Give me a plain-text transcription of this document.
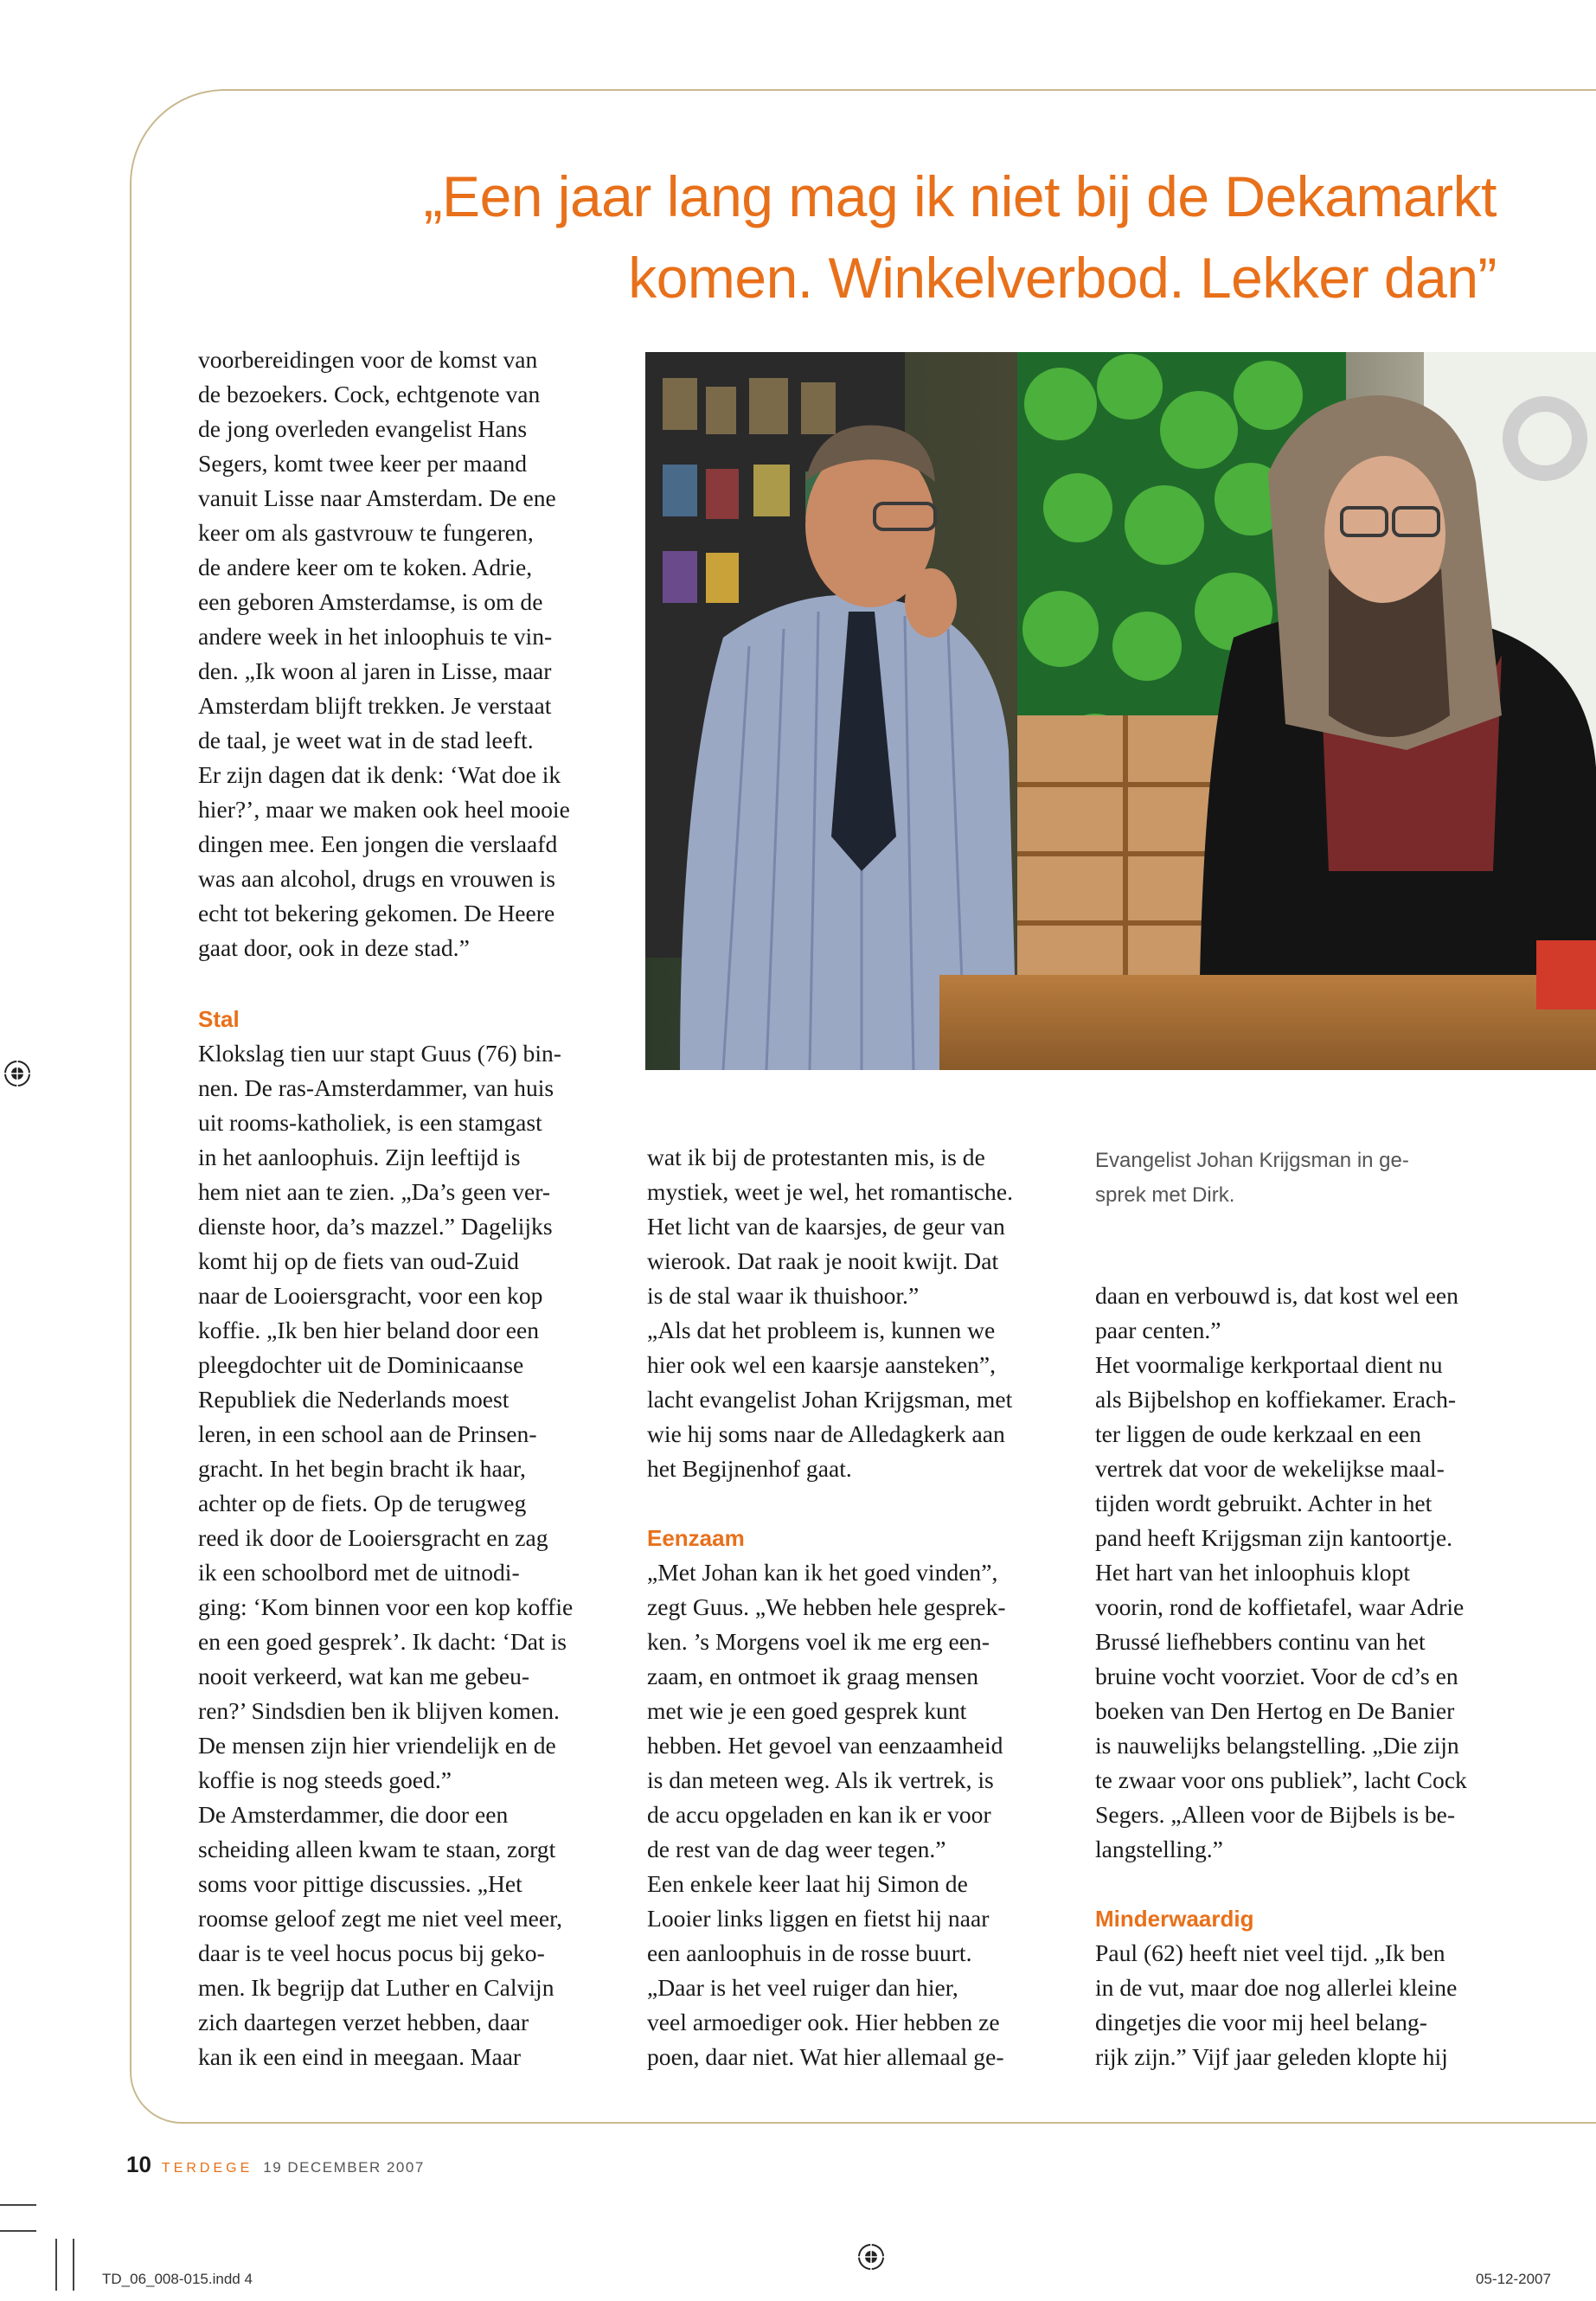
„Een jaar lang mag ik niet bij de Dekamarkt
komen. Winkelverbod. Lekker dan”

voorbereidingen voor de komst van

de bezoekers. Cock, echtgenote van

de jong overleden evangelist Hans

Segers, komt twee keer per maand

vanuit Lisse naar Amsterdam. De ene

keer om als gastvrouw te fungeren,

de andere keer om te koken. Adrie,

een geboren Amsterdamse, is om de

andere week in het inloophuis te vin-

den. „Ik woon al jaren in Lisse, maar

Amsterdam blijft trekken. Je verstaat

de taal, je weet wat in de stad leeft.

Er zijn dagen dat ik denk: ‘Wat doe ik

hier?’, maar we maken ook heel mooie

dingen mee. Een jongen die verslaafd

was aan alcohol, drugs en vrouwen is

echt tot bekering gekomen. De Heere

gaat door, ook in deze stad.”

Stal

Klokslag tien uur stapt Guus (76) bin-

nen. De ras-Amsterdammer, van huis

uit rooms-katholiek, is een stamgast

in het aanloophuis. Zijn leeftijd is

hem niet aan te zien. „Da’s geen ver-

dienste hoor, da’s mazzel.” Dagelijks

komt hij op de fiets van oud-Zuid

naar de Looiersgracht, voor een kop

koffie. „Ik ben hier beland door een

pleegdochter uit de Dominicaanse

Republiek die Nederlands moest

leren, in een school aan de Prinsen-

gracht. In het begin bracht ik haar,

achter op de fiets. Op de terugweg

reed ik door de Looiersgracht en zag

ik een schoolbord met de uitnodi-

ging: ‘Kom binnen voor een kop koffie

en een goed gesprek’. Ik dacht: ‘Dat is

nooit verkeerd, wat kan me gebeu-

ren?’ Sindsdien ben ik blijven komen.

De mensen zijn hier vriendelijk en de

koffie is nog steeds goed.”

De Amsterdammer, die door een

scheiding alleen kwam te staan, zorgt

soms voor pittige discussies. „Het

roomse geloof zegt me niet veel meer,

daar is te veel hocus pocus bij geko-

men. Ik begrijp dat Luther en Calvijn

zich daartegen verzet hebben, daar

kan ik een eind in meegaan. Maar

wat ik bij de protestanten mis, is de

mystiek, weet je wel, het romantische.

Het licht van de kaarsjes, de geur van

wierook. Dat raak je nooit kwijt. Dat

is de stal waar ik thuishoor.”

„Als dat het probleem is, kunnen we

hier ook wel een kaarsje aansteken”,

lacht evangelist Johan Krijgsman, met

wie hij soms naar de Alledagkerk aan

het Begijnenhof gaat.

Eenzaam

„Met Johan kan ik het goed vinden”,

zegt Guus. „We hebben hele gesprek-

ken. ’s Morgens voel ik me erg een-

zaam, en ontmoet ik graag mensen

met wie je een goed gesprek kunt

hebben. Het gevoel van eenzaamheid

is dan meteen weg. Als ik vertrek, is

de accu opgeladen en kan ik er voor

de rest van de dag weer tegen.”

Een enkele keer laat hij Simon de

Looier links liggen en fietst hij naar

een aanloophuis in de rosse buurt.

„Daar is het veel ruiger dan hier,

veel armoediger ook. Hier hebben ze

poen, daar niet. Wat hier allemaal ge-

Evangelist Johan Krijgsman in ge-

sprek met Dirk.

daan en verbouwd is, dat kost wel een

paar centen.”

Het voormalige kerkportaal dient nu

als Bijbelshop en koffiekamer. Erach-

ter liggen de oude kerkzaal en een

vertrek dat voor de wekelijkse maal-

tijden wordt gebruikt. Achter in het

pand heeft Krijgsman zijn kantoortje.

Het hart van het inloophuis klopt

voorin, rond de koffietafel, waar Adrie

Brussé liefhebbers continu van het

bruine vocht voorziet. Voor de cd’s en

boeken van Den Hertog en De Banier

is nauwelijks belangstelling. „Die zijn

te zwaar voor ons publiek”, lacht Cock

Segers. „Alleen voor de Bijbels is be-

langstelling.”

Minderwaardig

Paul (62) heeft niet veel tijd. „Ik ben

in de vut, maar doe nog allerlei kleine

dingetjes die voor mij heel belang-

rijk zijn.” Vijf jaar geleden klopte hij

10 TERDEGE 19 DECEMBER 2007
TD_06_008-015.indd 4	05-12-2007
